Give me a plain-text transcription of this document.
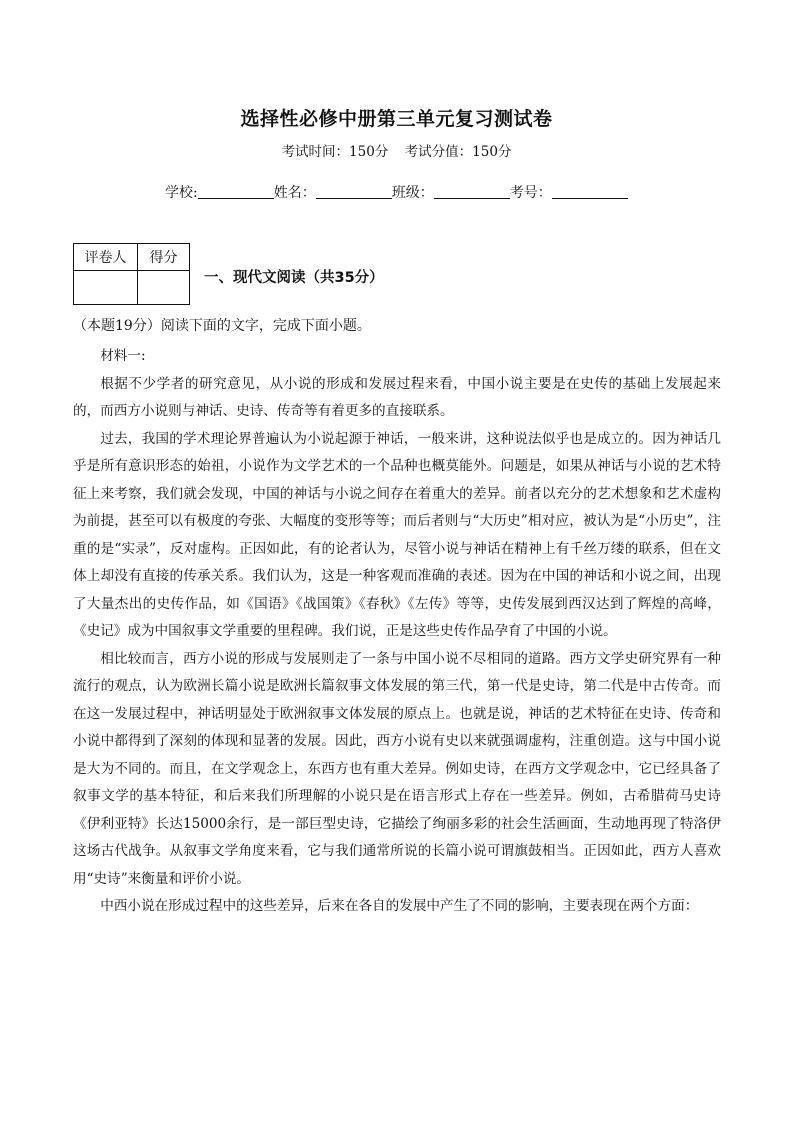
选择性必修中册第三单元复习测试卷
考试时间：150分 考试分值：150分
学校:	姓名：	班级：	考号：
评卷人	得分

一、现代文阅读（共35分）
（本题19分）阅读下面的文字，完成下面小题。

材料一:

根据不少学者的研究意见，从小说的形成和发展过程来看，中国小说主要是在史传的基础上发展起来的，而西方小说则与神话、史诗、传奇等有着更多的直接联系。

过去，我国的学术理论界普遍认为小说起源于神话，一般来讲，这种说法似乎也是成立的。因为神话几乎是所有意识形态的始祖，小说作为文学艺术的一个品种也概莫能外。问题是，如果从神话与小说的艺术特征上来考察，我们就会发现，中国的神话与小说之间存在着重大的差异。前者以充分的艺术想象和艺术虚构为前提，甚至可以有极度的夸张、大幅度的变形等等；而后者则与“大历史”相对应，被认为是“小历史”，注重的是“实录”，反对虚构。正因如此，有的论者认为，尽管小说与神话在精神上有千丝万缕的联系，但在文体上却没有直接的传承关系。我们认为，这是一种客观而准确的表述。因为在中国的神话和小说之间，出现了大量杰出的史传作品，如《国语》《战国策》《春秋》《左传》等等，史传发展到西汉达到了辉煌的高峰，《史记》成为中国叙事文学重要的里程碑。我们说，正是这些史传作品孕育了中国的小说。

相比较而言，西方小说的形成与发展则走了一条与中国小说不尽相同的道路。西方文学史研究界有一种流行的观点，认为欧洲长篇小说是欧洲长篇叙事文体发展的第三代，第一代是史诗，第二代是中古传奇。而在这一发展过程中，神话明显处于欧洲叙事文体发展的原点上。也就是说，神话的艺术特征在史诗、传奇和小说中都得到了深刻的体现和显著的发展。因此，西方小说有史以来就强调虚构，注重创造。这与中国小说是大为不同的。而且，在文学观念上，东西方也有重大差异。例如史诗，在西方文学观念中，它已经具备了叙事文学的基本特征，和后来我们所理解的小说只是在语言形式上存在一些差异。例如，古希腊荷马史诗《伊利亚特》长达15000余行，是一部巨型史诗，它描绘了绚丽多彩的社会生活画面，生动地再现了特洛伊这场古代战争。从叙事文学角度来看，它与我们通常所说的长篇小说可谓旗鼓相当。正因如此，西方人喜欢用“史诗”来衡量和评价小说。

中西小说在形成过程中的这些差异，后来在各自的发展中产生了不同的影响，主要表现在两个方面：
